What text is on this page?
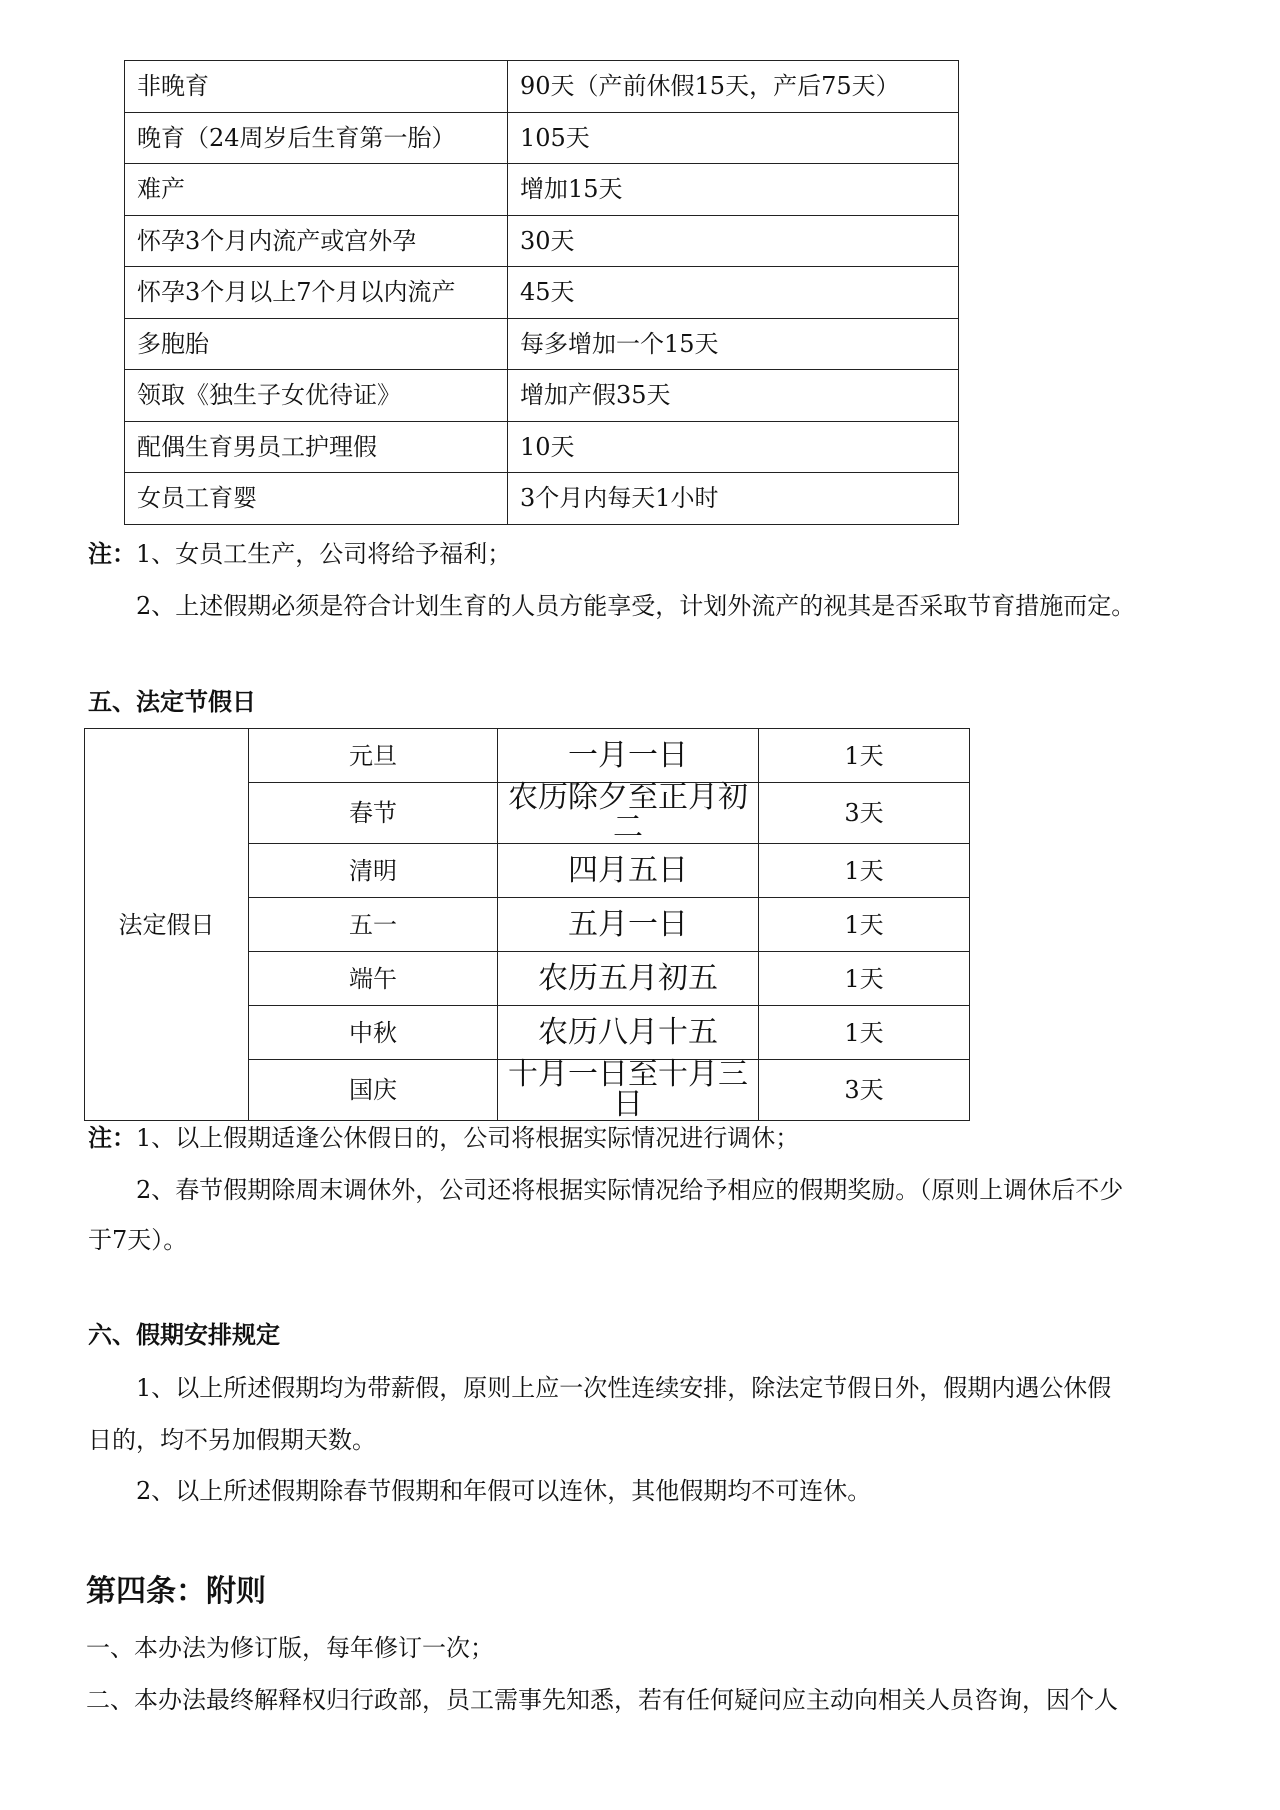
非晚育	90天（产前休假15天，产后75天）
晚育（24周岁后生育第一胎）	105天
难产	增加15天
怀孕3个月内流产或宫外孕	30天
怀孕3个月以上7个月以内流产	45天
多胞胎	每多增加一个15天
领取《独生子女优待证》	增加产假35天
配偶生育男员工护理假	10天
女员工育婴	3个月内每天1小时
注：1、女员工生产，公司将给予福利；
2、上述假期必须是符合计划生育的人员方能享受，计划外流产的视其是否采取节育措施而定。
五、法定节假日
法定假日	元旦	一月一日	1天
	春节	农历除夕至正月初二	3天
	清明	四月五日	1天
	五一	五月一日	1天
	端午	农历五月初五	1天
	中秋	农历八月十五	1天
	国庆	十月一日至十月三日	3天
注：1、以上假期适逢公休假日的，公司将根据实际情况进行调休；
2、春节假期除周末调休外，公司还将根据实际情况给予相应的假期奖励。（原则上调休后不少
于7天）。
六、假期安排规定
1、以上所述假期均为带薪假，原则上应一次性连续安排，除法定节假日外，假期内遇公休假
日的，均不另加假期天数。
2、以上所述假期除春节假期和年假可以连休，其他假期均不可连休。
第四条：附则
一、本办法为修订版，每年修订一次；
二、本办法最终解释权归行政部，员工需事先知悉，若有任何疑问应主动向相关人员咨询，因个人
